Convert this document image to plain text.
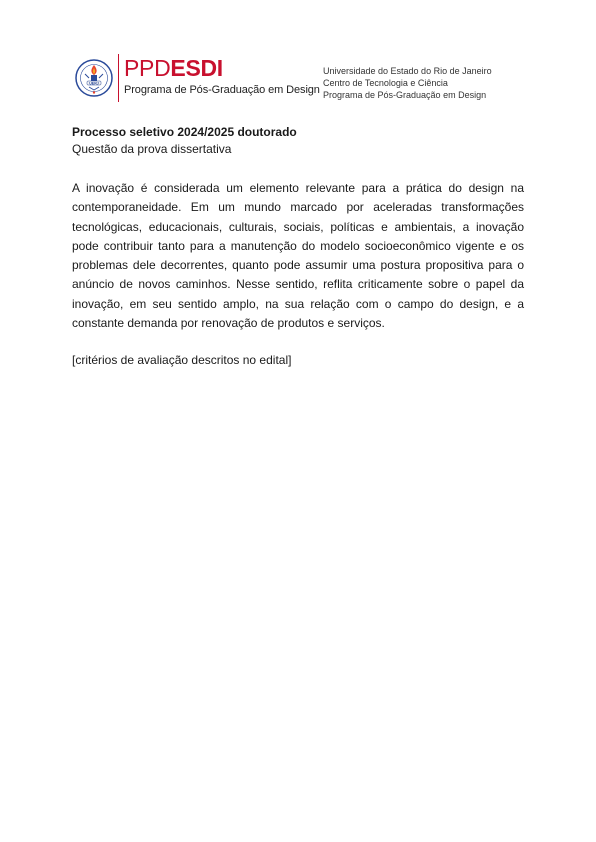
UERJ
PPDESDI
Programa de Pós-Graduação em Design
Universidade do Estado do Rio de Janeiro
Centro de Tecnologia e Ciência
Programa de Pós-Graduação em Design

Processo seletivo 2024/2025 doutorado

Questão da prova dissertativa

A inovação é considerada um elemento relevante para a prática do design na contemporaneidade. Em um mundo marcado por aceleradas transformações tecnológicas, educacionais, culturais, sociais, políticas e ambientais, a inovação pode contribuir tanto para a manutenção do modelo socioeconômico vigente e os problemas dele decorrentes, quanto pode assumir uma postura propositiva para o anúncio de novos caminhos. Nesse sentido, reflita criticamente sobre o papel da inovação, em seu sentido amplo, na sua relação com o campo do design, e a constante demanda por renovação de produtos e serviços.

[critérios de avaliação descritos no edital]
